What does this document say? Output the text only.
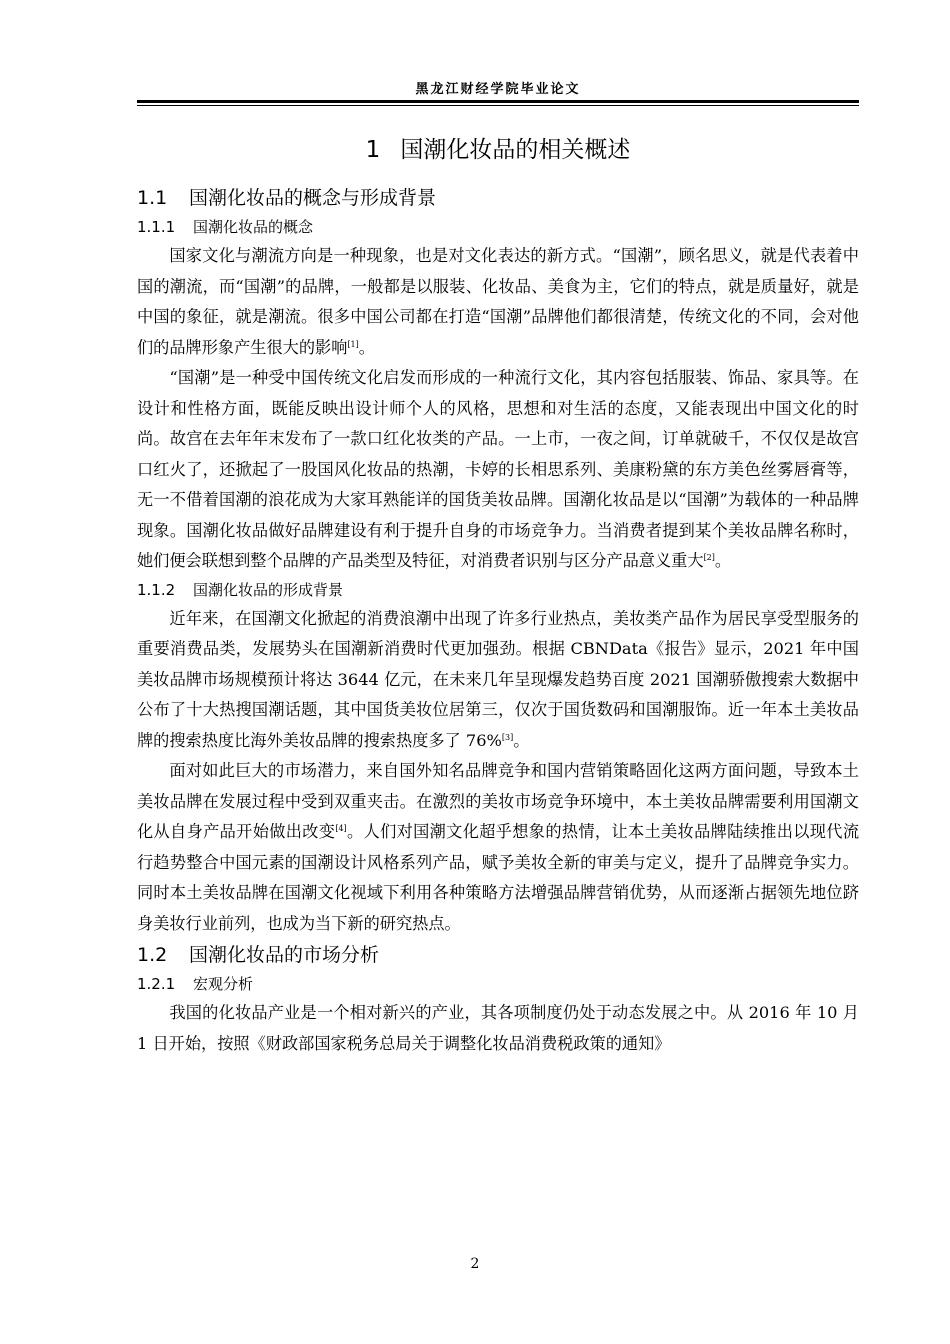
黑龙江财经学院毕业论文
1 国潮化妆品的相关概述
1.1 国潮化妆品的概念与形成背景
1.1.1 国潮化妆品的概念

国家文化与潮流方向是一种现象，也是对文化表达的新方式。“国潮”，顾名思义，就是代表着中国的潮流，而“国潮”的品牌，一般都是以服装、化妆品、美食为主，它们的特点，就是质量好，就是中国的象征，就是潮流。很多中国公司都在打造“国潮”品牌他们都很清楚，传统文化的不同，会对他们的品牌形象产生很大的影响[1]。

“国潮”是一种受中国传统文化启发而形成的一种流行文化，其内容包括服装、饰品、家具等。在设计和性格方面，既能反映出设计师个人的风格，思想和对生活的态度，又能表现出中国文化的时尚。故宫在去年年末发布了一款口红化妆类的产品。一上市，一夜之间，订单就破千，不仅仅是故宫口红火了，还掀起了一股国风化妆品的热潮，卡婷的长相思系列、美康粉黛的东方美色丝雾唇膏等，无一不借着国潮的浪花成为大家耳熟能详的国货美妆品牌。国潮化妆品是以“国潮”为载体的一种品牌现象。国潮化妆品做好品牌建设有利于提升自身的市场竞争力。当消费者提到某个美妆品牌名称时，她们便会联想到整个品牌的产品类型及特征，对消费者识别与区分产品意义重大[2]。

1.1.2 国潮化妆品的形成背景

近年来，在国潮文化掀起的消费浪潮中出现了许多行业热点，美妆类产品作为居民享受型服务的重要消费品类，发展势头在国潮新消费时代更加强劲。根据 CBNData《报告》显示，2021 年中国美妆品牌市场规模预计将达 3644 亿元，在未来几年呈现爆发趋势百度 2021 国潮骄傲搜索大数据中公布了十大热搜国潮话题，其中国货美妆位居第三，仅次于国货数码和国潮服饰。近一年本土美妆品牌的搜索热度比海外美妆品牌的搜索热度多了 76%[3]。

面对如此巨大的市场潜力，来自国外知名品牌竞争和国内营销策略固化这两方面问题，导致本土美妆品牌在发展过程中受到双重夹击。在激烈的美妆市场竞争环境中，本土美妆品牌需要利用国潮文化从自身产品开始做出改变[4]。人们对国潮文化超乎想象的热情，让本土美妆品牌陆续推出以现代流行趋势整合中国元素的国潮设计风格系列产品，赋予美妆全新的审美与定义，提升了品牌竞争实力。同时本土美妆品牌在国潮文化视域下利用各种策略方法增强品牌营销优势，从而逐渐占据领先地位跻身美妆行业前列，也成为当下新的研究热点。

1.2 国潮化妆品的市场分析
1.2.1 宏观分析

我国的化妆品产业是一个相对新兴的产业，其各项制度仍处于动态发展之中。从 2016 年 10 月 1 日开始，按照《财政部国家税务总局关于调整化妆品消费税政策的通知》

2
